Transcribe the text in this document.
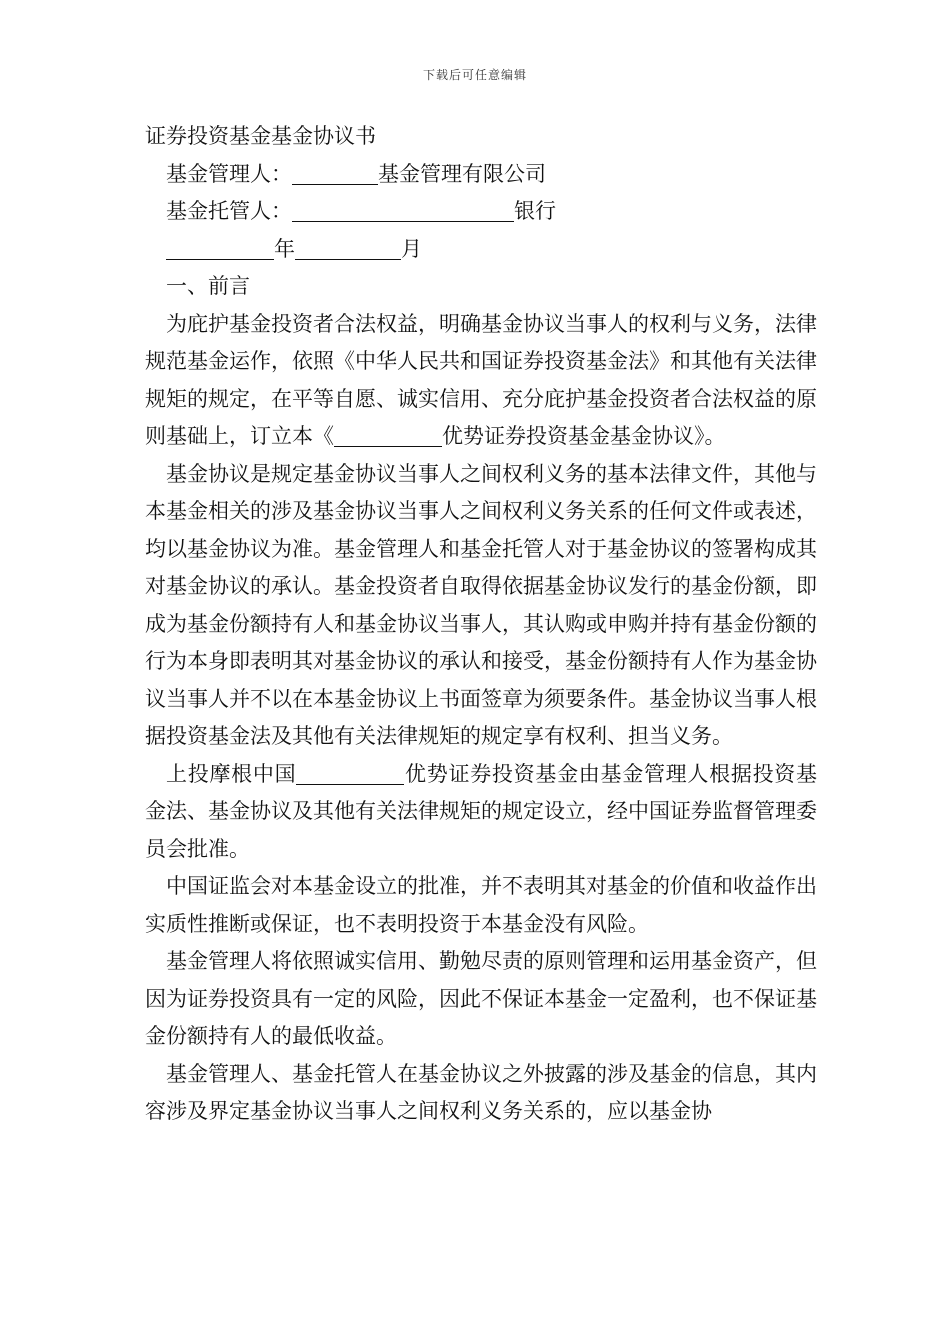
下载后可任意编辑
证券投资基金基金协议书
基金管理人：	基金管理有限公司
基金托管人：	银行
年	月
一、前言
为庇护基金投资者合法权益，明确基金协议当事人的权利与义务，法律规范基金运作，依照《中华人民共和国证券投资基金法》和其他有关法律规矩的规定，在平等自愿、诚实信用、充分庇护基金投资者合法权益的原则基础上，订立本《	优势证券投资基金基金协议》。
基金协议是规定基金协议当事人之间权利义务的基本法律文件，其他与本基金相关的涉及基金协议当事人之间权利义务关系的任何文件或表述，均以基金协议为准。基金管理人和基金托管人对于基金协议的签署构成其对基金协议的承认。基金投资者自取得依据基金协议发行的基金份额，即成为基金份额持有人和基金协议当事人，其认购或申购并持有基金份额的行为本身即表明其对基金协议的承认和接受，基金份额持有人作为基金协议当事人并不以在本基金协议上书面签章为须要条件。基金协议当事人根据投资基金法及其他有关法律规矩的规定享有权利、担当义务。
上投摩根中国	优势证券投资基金由基金管理人根据投资基金法、基金协议及其他有关法律规矩的规定设立，经中国证券监督管理委员会批准。
中国证监会对本基金设立的批准，并不表明其对基金的价值和收益作出实质性推断或保证，也不表明投资于本基金没有风险。
基金管理人将依照诚实信用、勤勉尽责的原则管理和运用基金资产，但因为证券投资具有一定的风险，因此不保证本基金一定盈利，也不保证基金份额持有人的最低收益。
基金管理人、基金托管人在基金协议之外披露的涉及基金的信息，其内容涉及界定基金协议当事人之间权利义务关系的，应以基金协
